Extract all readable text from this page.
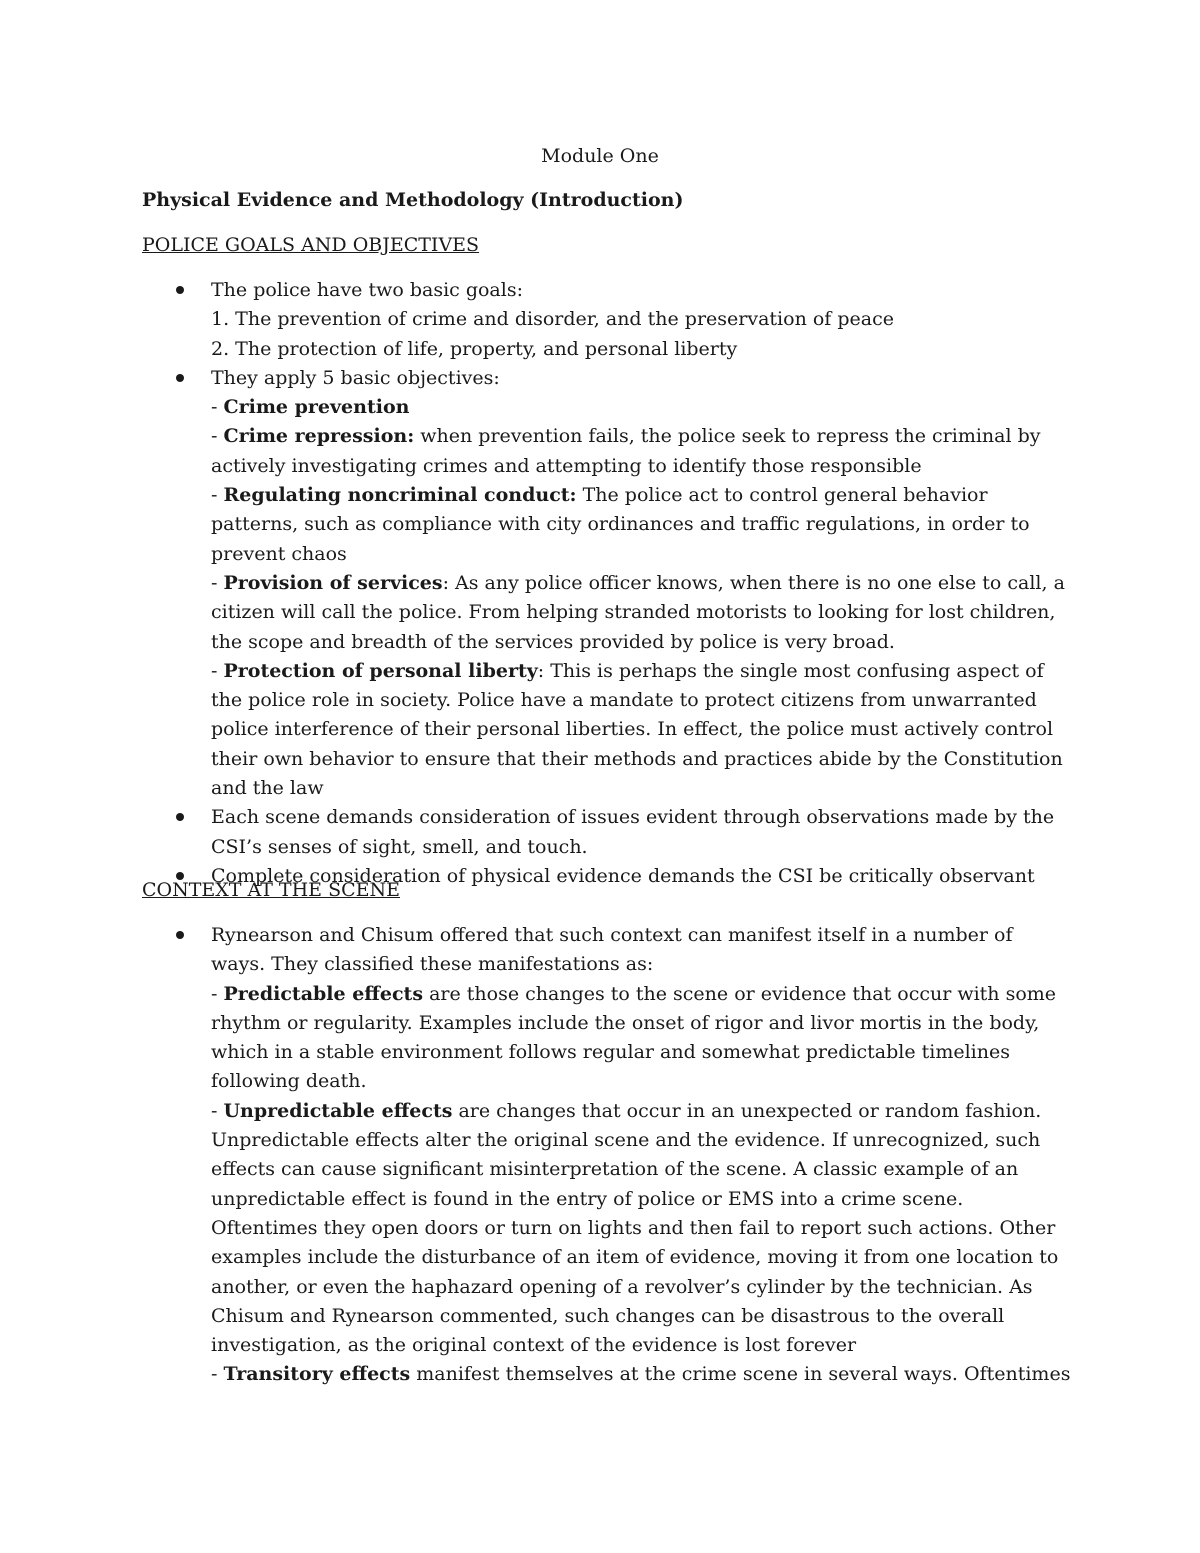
Module One
Physical Evidence and Methodology (Introduction)
POLICE GOALS AND OBJECTIVES
The police have two basic goals:
1. The prevention of crime and disorder, and the preservation of peace
2. The protection of life, property, and personal liberty
They apply 5 basic objectives:
- Crime prevention
- Crime repression: when prevention fails, the police seek to repress the criminal by actively investigating crimes and attempting to identify those responsible
- Regulating noncriminal conduct: The police act to control general behavior patterns, such as compliance with city ordinances and traffic regulations, in order to prevent chaos
- Provision of services: As any police officer knows, when there is no one else to call, a citizen will call the police. From helping stranded motorists to looking for lost children, the scope and breadth of the services provided by police is very broad.
- Protection of personal liberty: This is perhaps the single most confusing aspect of the police role in society. Police have a mandate to protect citizens from unwarranted police interference of their personal liberties. In effect, the police must actively control their own behavior to ensure that their methods and practices abide by the Constitution and the law
Each scene demands consideration of issues evident through observations made by the CSI’s senses of sight, smell, and touch.
Complete consideration of physical evidence demands the CSI be critically observant
CONTEXT AT THE SCENE
Rynearson and Chisum offered that such context can manifest itself in a number of ways. They classified these manifestations as:
- Predictable effects are those changes to the scene or evidence that occur with some rhythm or regularity. Examples include the onset of rigor and livor mortis in the body, which in a stable environment follows regular and somewhat predictable timelines following death.
- Unpredictable effects are changes that occur in an unexpected or random fashion. Unpredictable effects alter the original scene and the evidence. If unrecognized, such effects can cause significant misinterpretation of the scene. A classic example of an unpredictable effect is found in the entry of police or EMS into a crime scene. Oftentimes they open doors or turn on lights and then fail to report such actions. Other examples include the disturbance of an item of evidence, moving it from one location to another, or even the haphazard opening of a revolver’s cylinder by the technician. As Chisum and Rynearson commented, such changes can be disastrous to the overall investigation, as the original context of the evidence is lost forever
- Transitory effects manifest themselves at the crime scene in several ways. Oftentimes
